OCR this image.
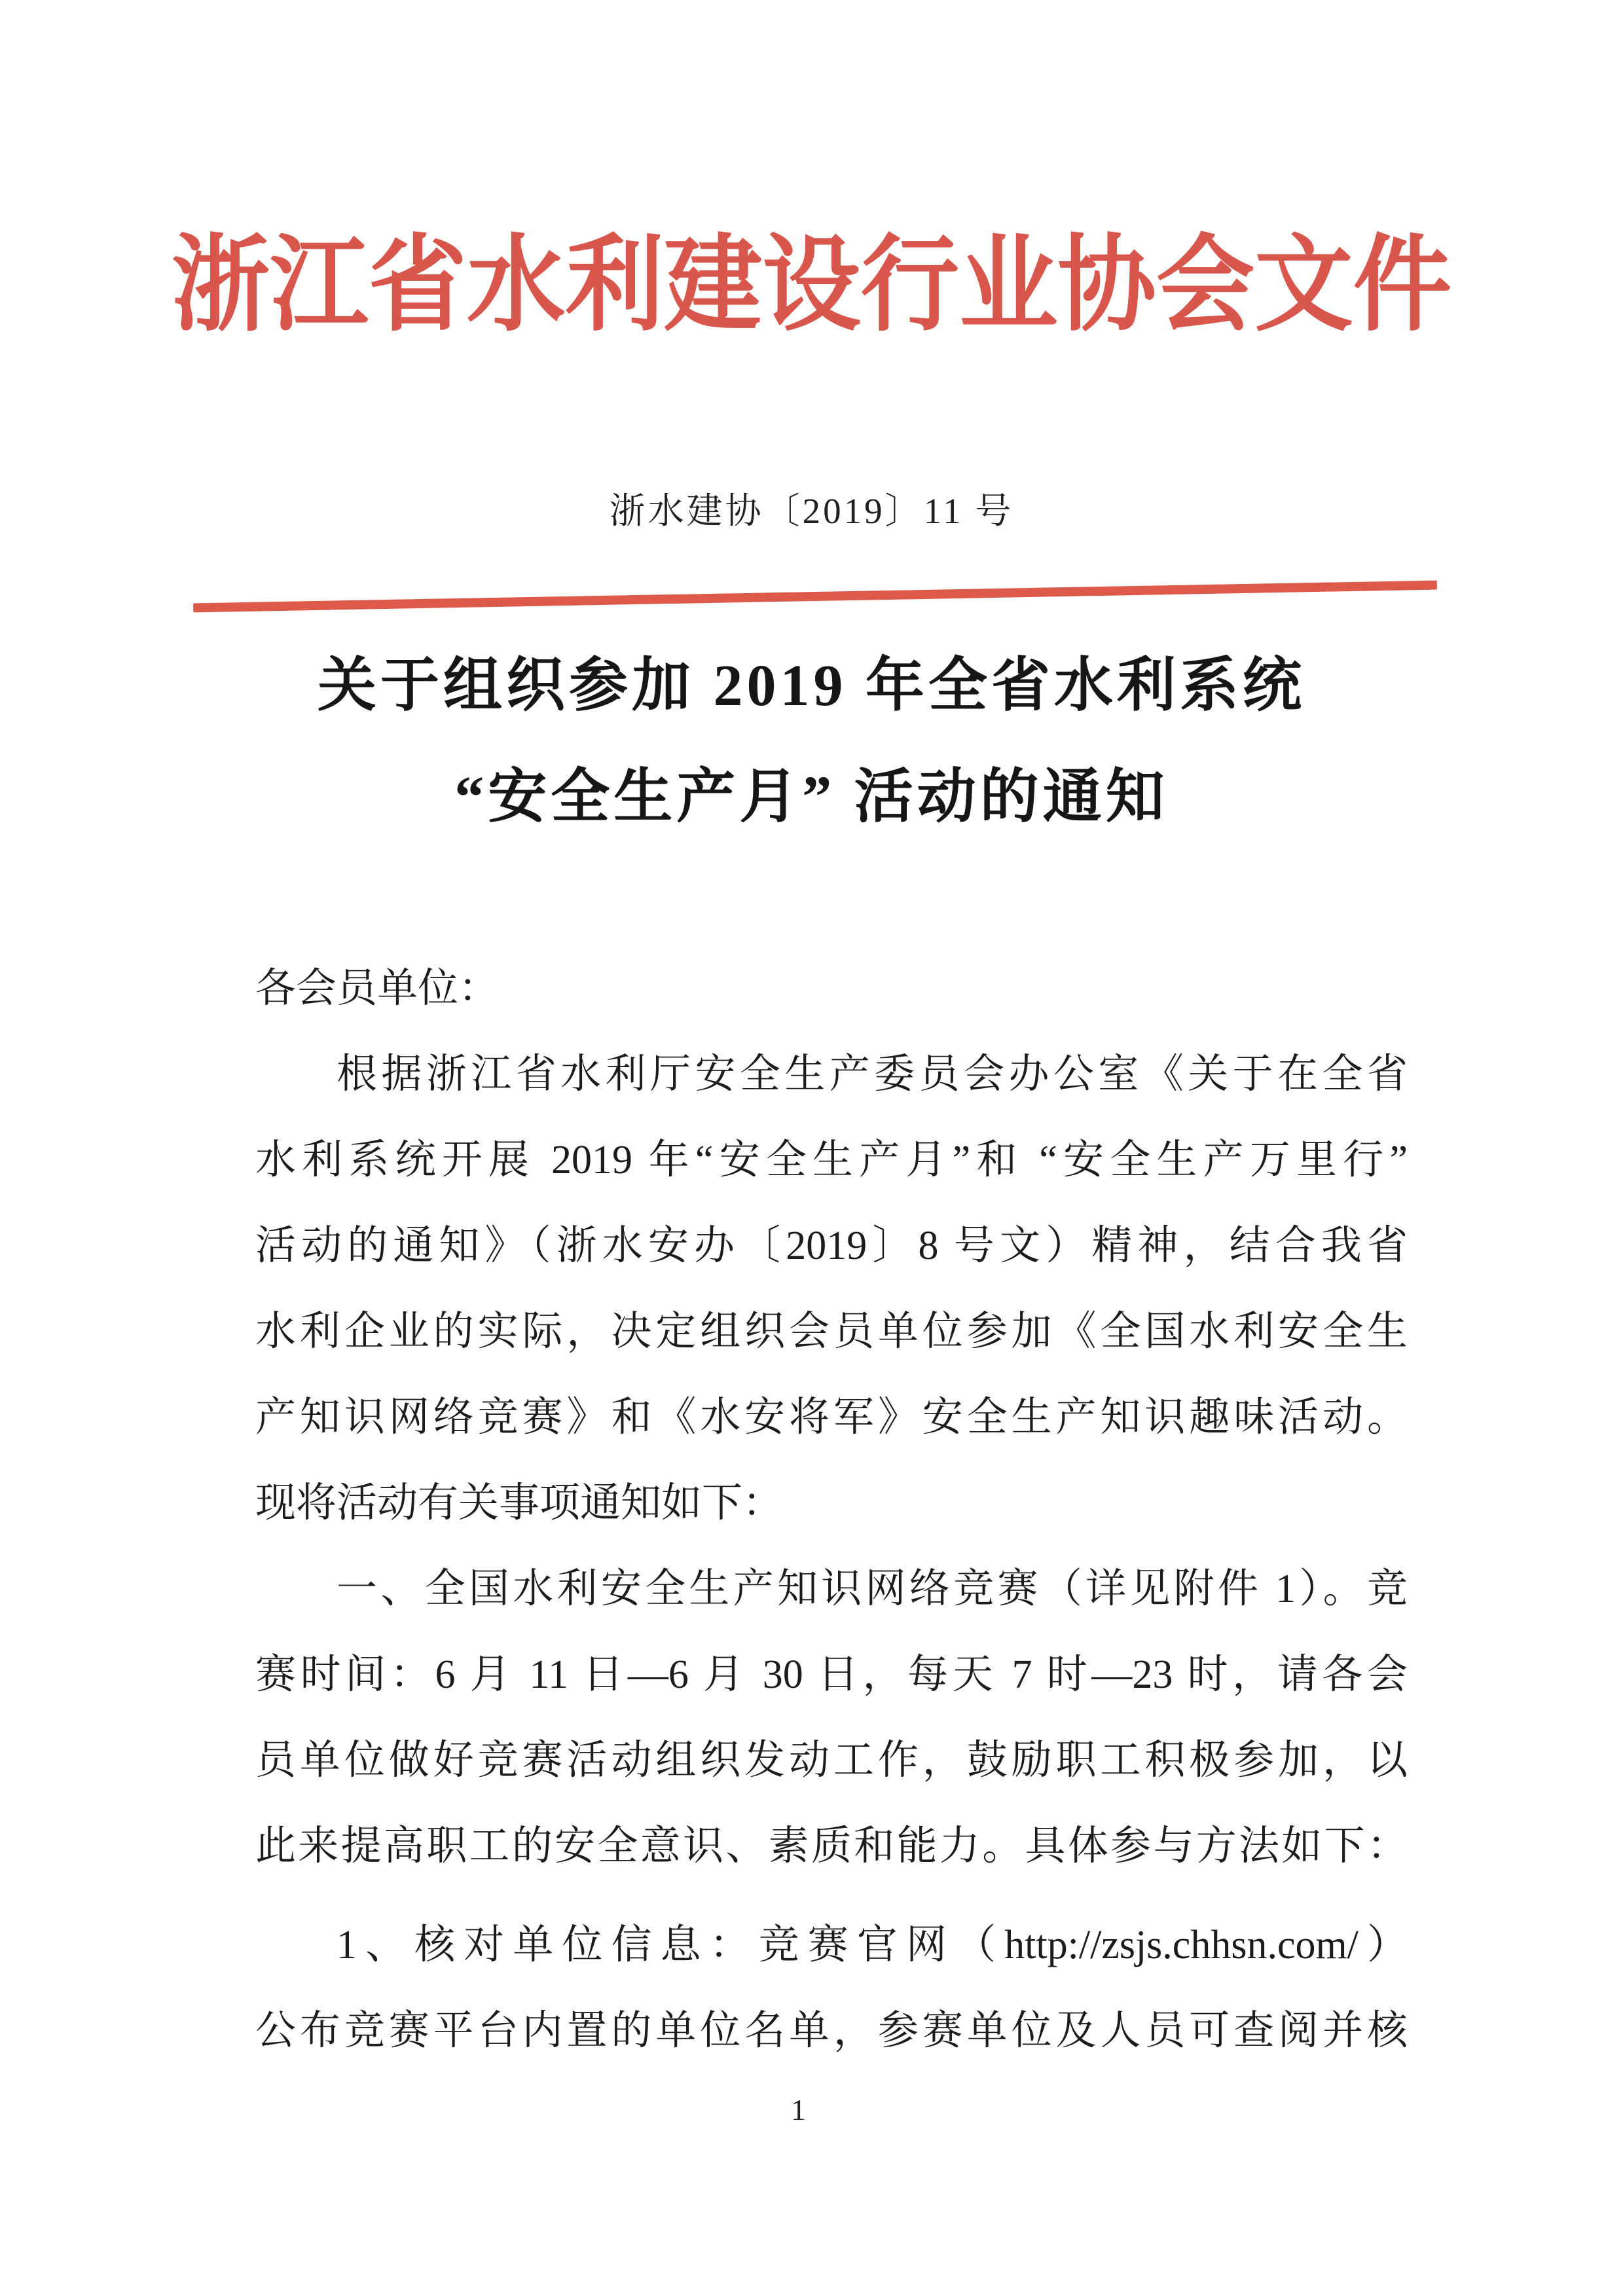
浙江省水利建设行业协会文件
浙水建协〔2019〕11 号
关于组织参加 2019 年全省水利系统
“安全生产月” 活动的通知
各会员单位：
根据浙江省水利厅安全生产委员会办公室《关于在全省
水利系统开展 2019 年“安全生产月”和 “安全生产万里行”
活动的通知》（浙水安办〔2019〕8 号文）精神，结合我省
水利企业的实际，决定组织会员单位参加《全国水利安全生
产知识网络竞赛》和《水安将军》安全生产知识趣味活动。
现将活动有关事项通知如下：
一、全国水利安全生产知识网络竞赛（详见附件 1）。竞
赛时间：6 月 11 日—6 月 30 日，每天 7 时—23 时，请各会
员单位做好竞赛活动组织发动工作，鼓励职工积极参加，以
此来提高职工的安全意识、素质和能力。具体参与方法如下：
1、核对单位信息：竞赛官网（http://zsjs.chhsn.com/）
公布竞赛平台内置的单位名单，参赛单位及人员可查阅并核
1
